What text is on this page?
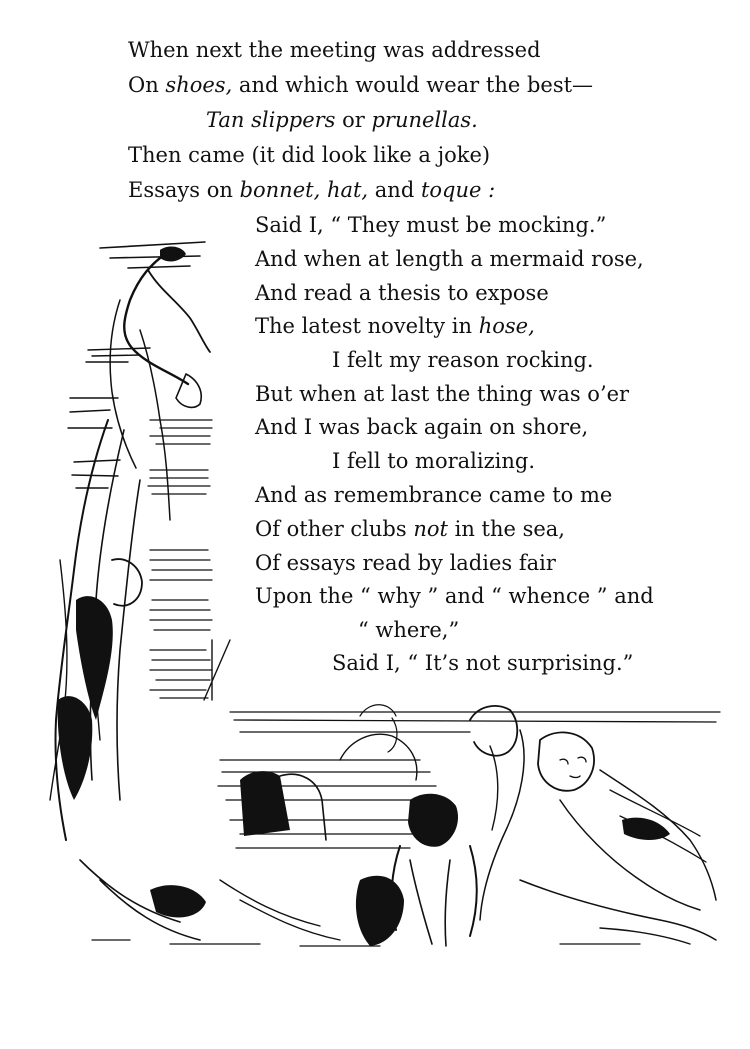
When next the meeting was addressed
On shoes, and which would wear the best—
Tan slippers or prunellas.
Then came (it did look like a joke)
Essays on bonnet, hat, and toque :
Said I, “ They must be mocking.”
And when at length a mermaid rose,
And read a thesis to expose
The latest novelty in hose,
I felt my reason rocking.
But when at last the thing was o’er
And I was back again on shore,
I fell to moralizing.
And as remembrance came to me
Of other clubs not in the sea,
Of essays read by ladies fair
Upon the “ why ” and “ whence ” and
“ where,”
Said I, “ It’s not surprising.”
